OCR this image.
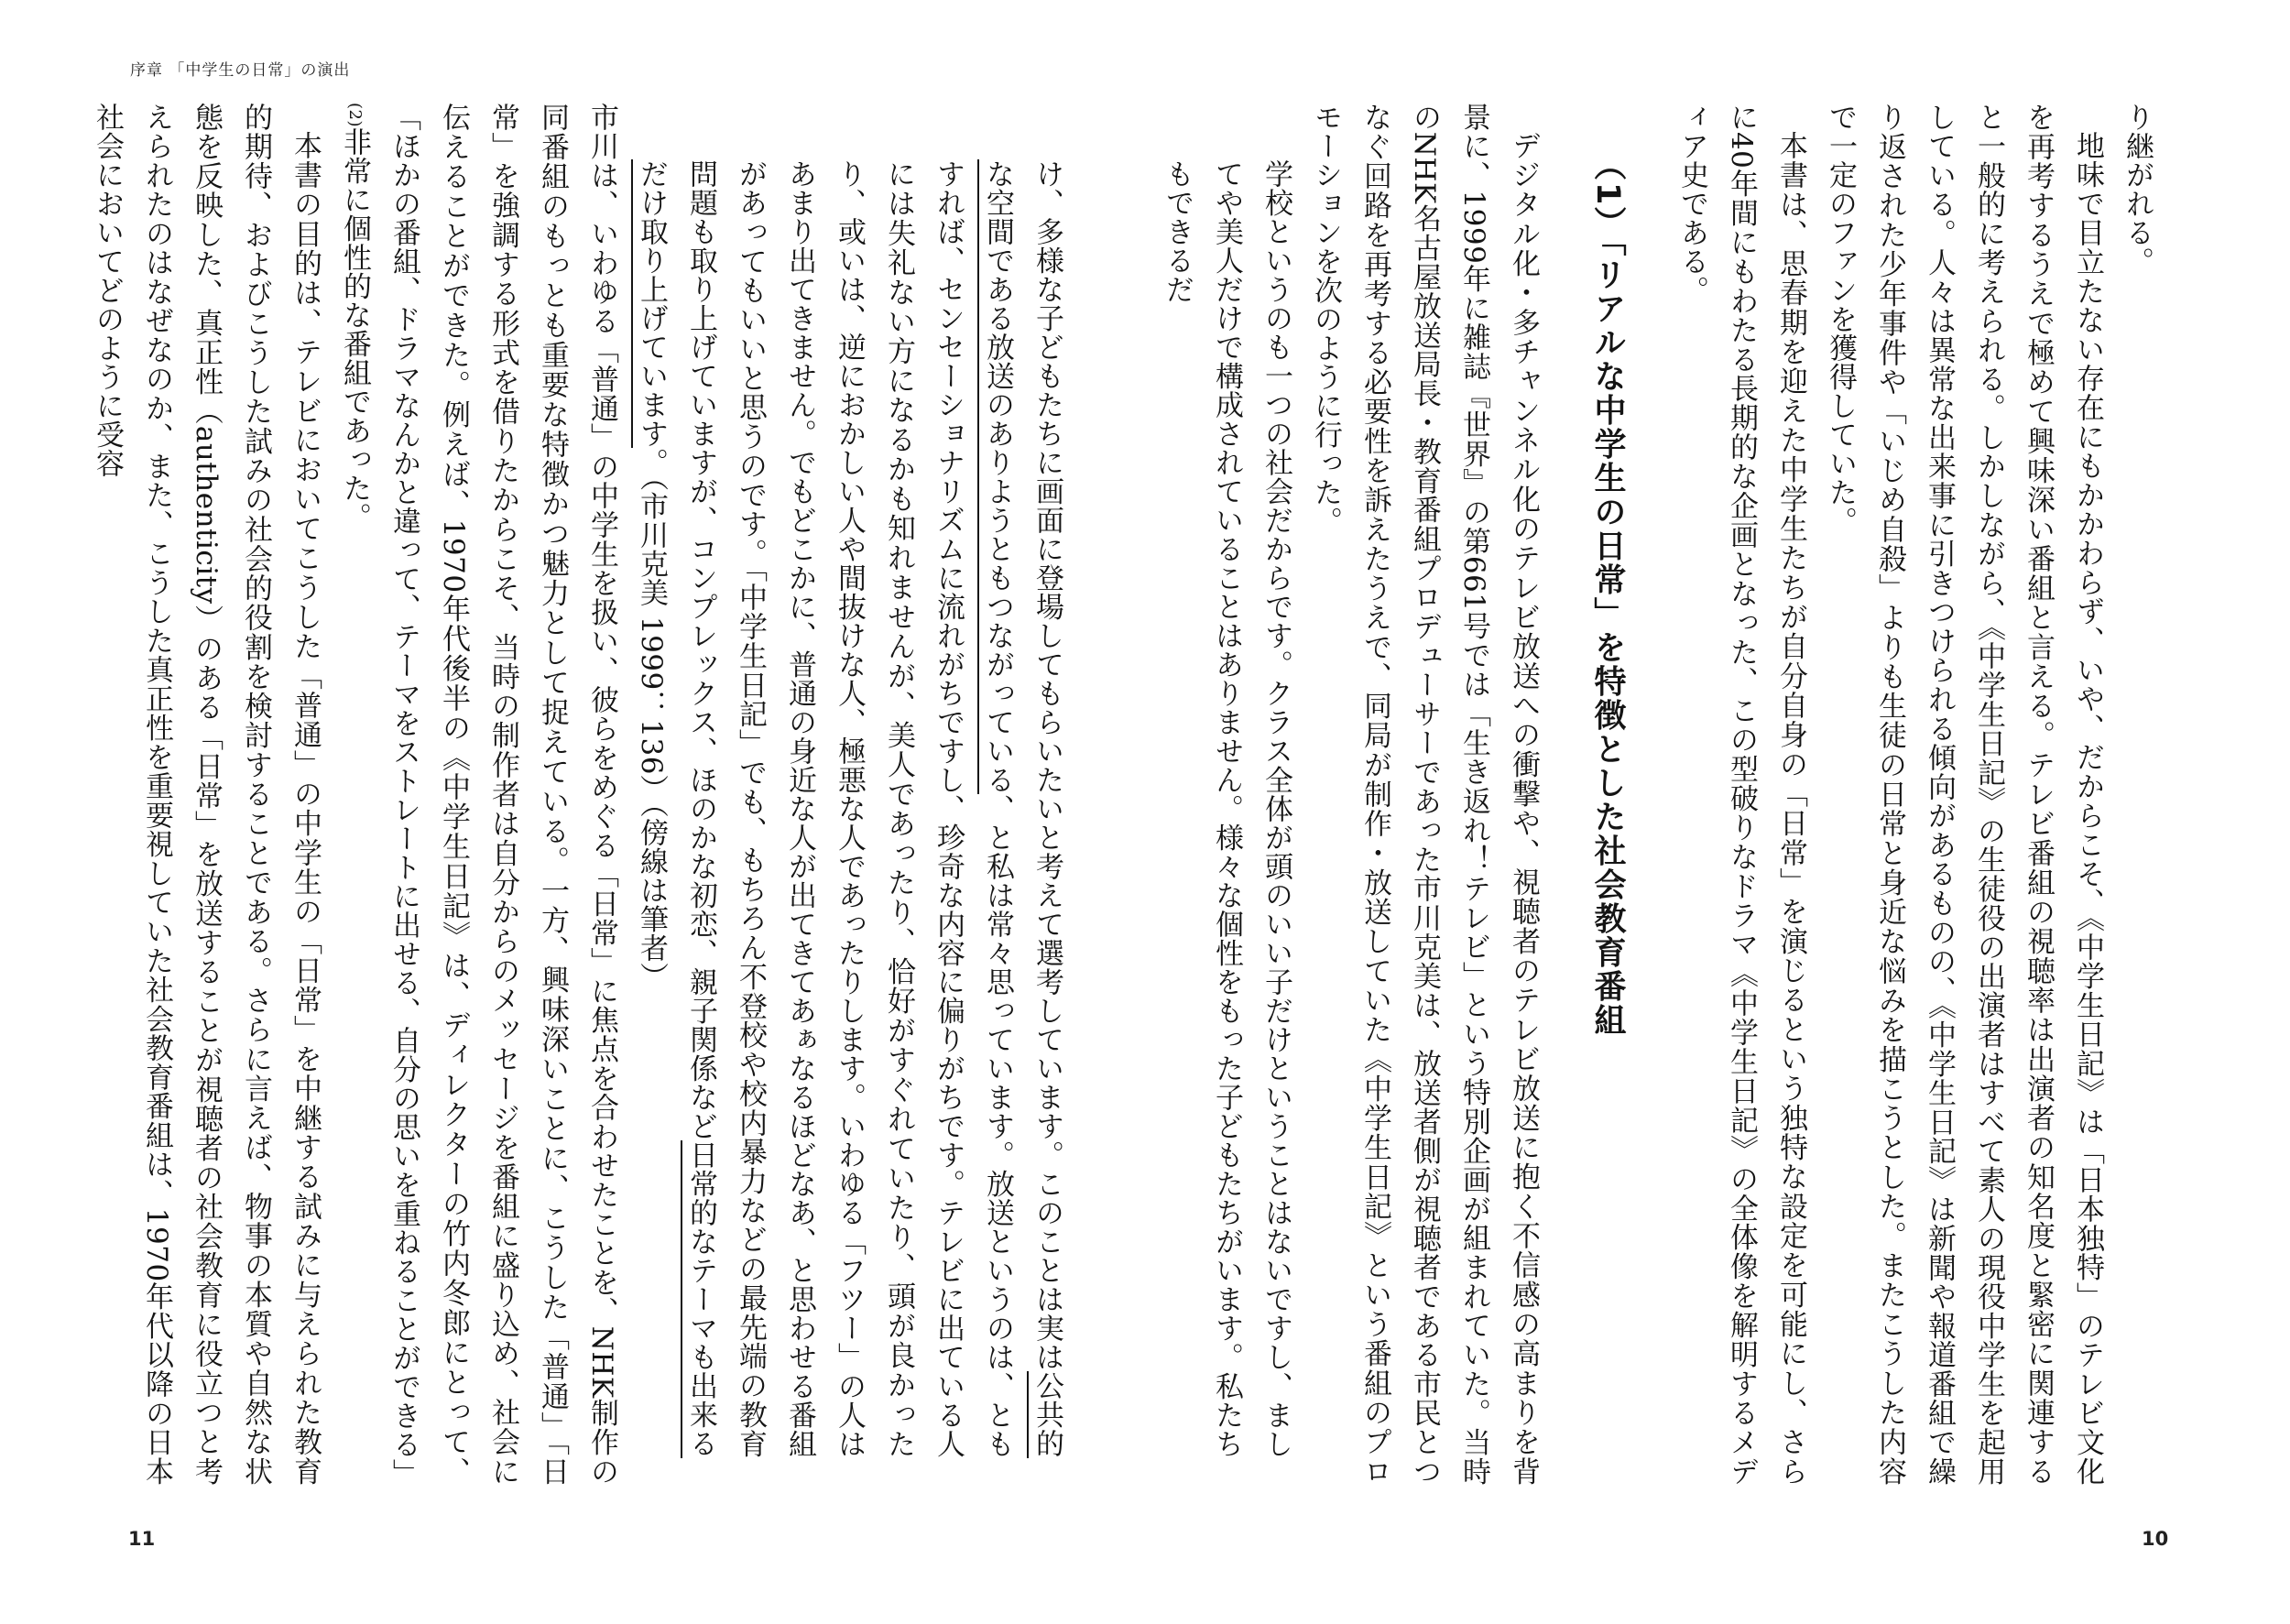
序章 「中学生の日常」の演出

り継がれる。

地味で目立たない存在にもかかわらず、いや、だからこそ、《中学生日記》は「日本独特」のテレビ文化を再考するうえで極めて興味深い番組と言える。テレビ番組の視聴率は出演者の知名度と緊密に関連すると一般的に考えられる。しかしながら、《中学生日記》の生徒役の出演者はすべて素人の現役中学生を起用している。人々は異常な出来事に引きつけられる傾向があるものの、《中学生日記》は新聞や報道番組で繰り返された少年事件や「いじめ自殺」よりも生徒の日常と身近な悩みを描こうとした。またこうした内容で一定のファンを獲得していた。

本書は、思春期を迎えた中学生たちが自分自身の「日常」を演じるという独特な設定を可能にし、さらに40年間にもわたる長期的な企画となった、この型破りなドラマ《中学生日記》の全体像を解明するメディア史である。

（1）「リアルな中学生の日常」を特徴とした社会教育番組

デジタル化・多チャンネル化のテレビ放送への衝撃や、視聴者のテレビ放送に抱く不信感の高まりを背景に、1999年に雑誌『世界』の第661号では「生き返れ！テレビ」という特別企画が組まれていた。当時のNHK名古屋放送局長・教育番組プロデューサーであった市川克美は、放送者側が視聴者である市民とつなぐ回路を再考する必要性を訴えたうえで、同局が制作・放送していた《中学生日記》という番組のプロモーションを次のように行った。

学校というのも一つの社会だからです。クラス全体が頭のいい子だけということはないですし、ましてや美人だけで構成されていることはありません。様々な個性をもった子どもたちがいます。私たちもできるだ

け、多様な子どもたちに画面に登場してもらいたいと考えて選考しています。このことは実は公共的な空間である放送のありようともつながっている、と私は常々思っています。放送というのは、ともすれば、センセーショナリズムに流れがちですし、珍奇な内容に偏りがちです。テレビに出ている人には失礼ない方になるかも知れませんが、美人であったり、恰好がすぐれていたり、頭が良かったり、或いは、逆におかしい人や間抜けな人、極悪な人であったりします。いわゆる「フツー」の人はあまり出てきません。でもどこかに、普通の身近な人が出てきてあぁなるほどなあ、と思わせる番組があってもいいと思うのです。「中学生日記」でも、もちろん不登校や校内暴力などの最先端の教育問題も取り上げていますが、コンプレックス、ほのかな初恋、親子関係など日常的なテーマも出来るだけ取り上げています。（市川克美 1999：136）（傍線は筆者）

市川は、いわゆる「普通」の中学生を扱い、彼らをめぐる「日常」に焦点を合わせたことを、NHK制作の同番組のもっとも重要な特徴かつ魅力として捉えている。一方、興味深いことに、こうした「普通」「日常」を強調する形式を借りたからこそ、当時の制作者は自分からのメッセージを番組に盛り込め、社会に伝えることができた。例えば、1970年代後半の《中学生日記》は、ディレクターの竹内冬郎にとって、「ほかの番組、ドラマなんかと違って、テーマをストレートに出せる、自分の思いを重ねることができる」(2)非常に個性的な番組であった。

本書の目的は、テレビにおいてこうした「普通」の中学生の「日常」を中継する試みに与えられた教育的期待、およびこうした試みの社会的役割を検討することである。さらに言えば、物事の本質や自然な状態を反映した、真正性（authenticity）のある「日常」を放送することが視聴者の社会教育に役立つと考えられたのはなぜなのか、また、こうした真正性を重要視していた社会教育番組は、1970年代以降の日本社会においてどのように受容

11	10
